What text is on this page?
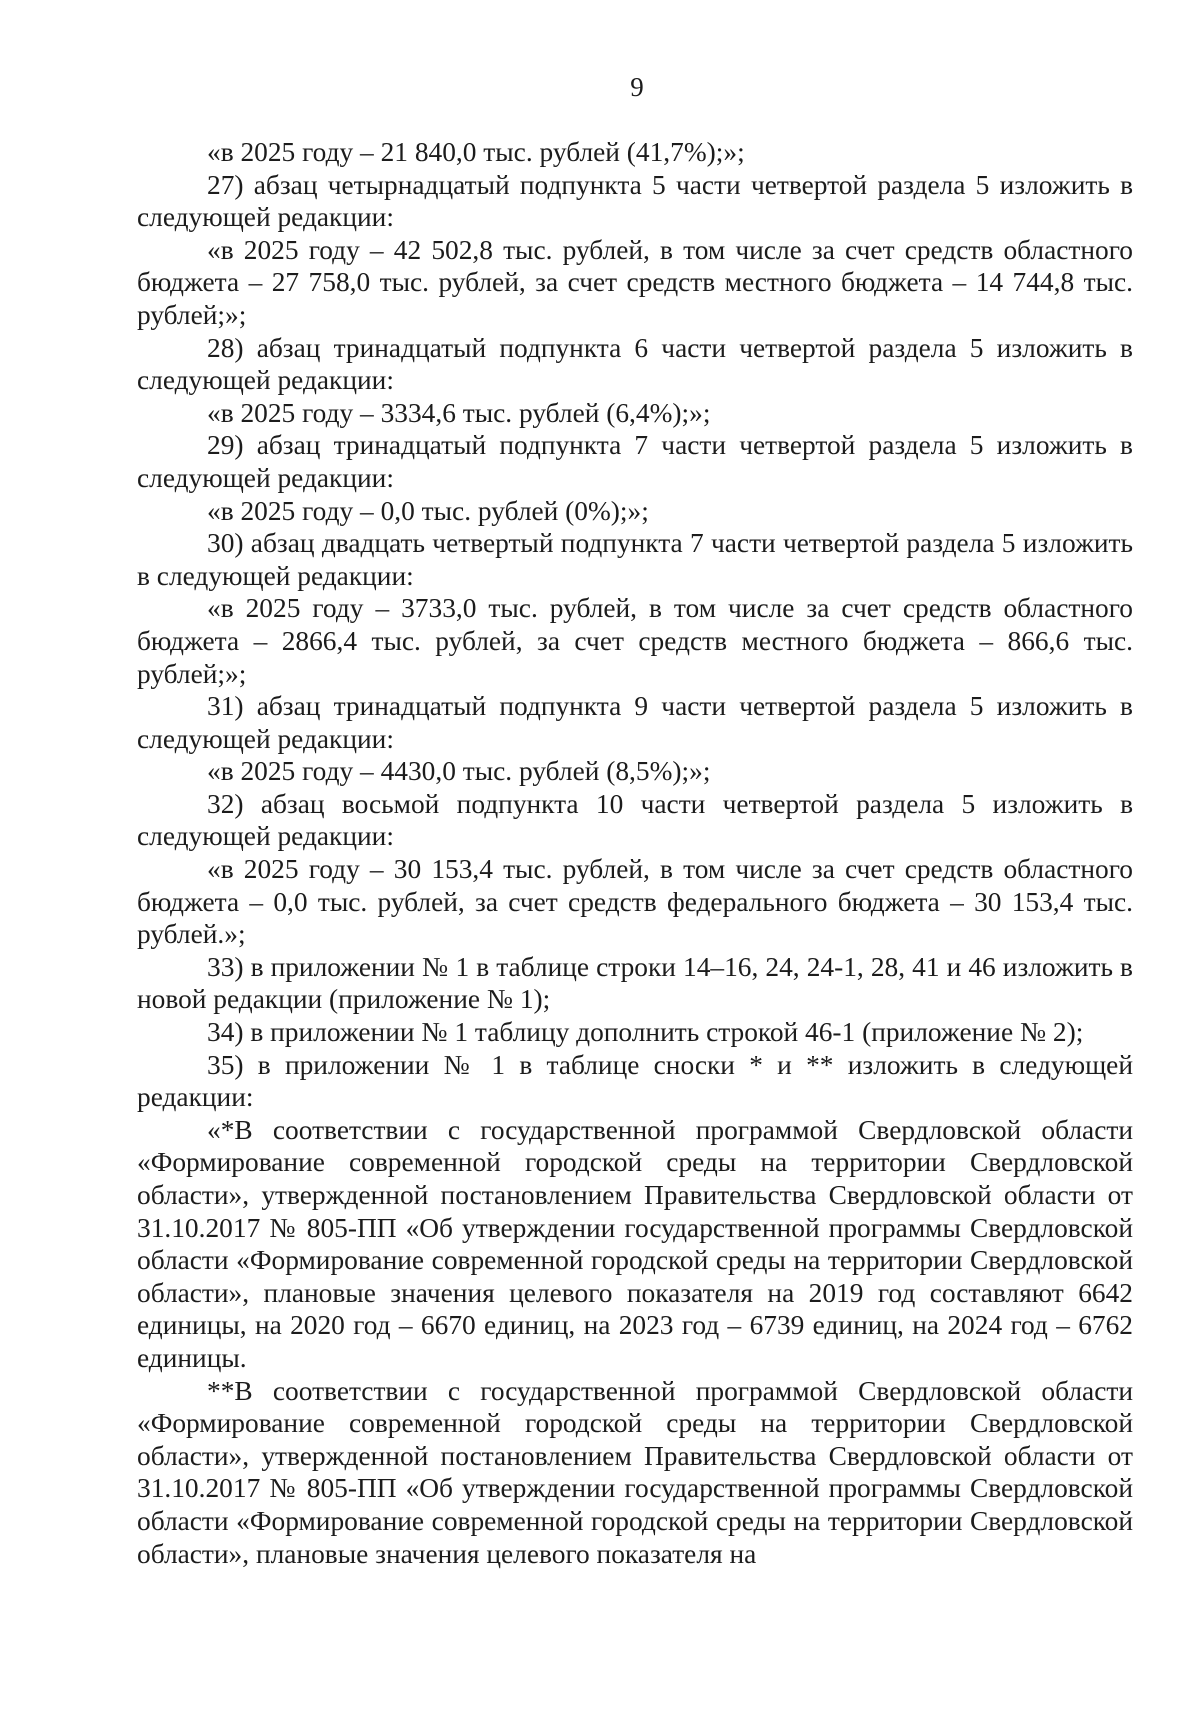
9

«в 2025 году – 21 840,0 тыс. рублей (41,7%);»;

27) абзац четырнадцатый подпункта 5 части четвертой раздела 5 изложить в следующей редакции:

«в 2025 году – 42 502,8 тыс. рублей, в том числе за счет средств областного бюджета – 27 758,0 тыс. рублей, за счет средств местного бюджета – 14 744,8 тыс. рублей;»;

28) абзац тринадцатый подпункта 6 части четвертой раздела 5 изложить в следующей редакции:

«в 2025 году – 3334,6 тыс. рублей (6,4%);»;

29) абзац тринадцатый подпункта 7 части четвертой раздела 5 изложить в следующей редакции:

«в 2025 году – 0,0 тыс. рублей (0%);»;

30) абзац двадцать четвертый подпункта 7 части четвертой раздела 5 изложить в следующей редакции:

«в 2025 году – 3733,0 тыс. рублей, в том числе за счет средств областного бюджета – 2866,4 тыс. рублей, за счет средств местного бюджета – 866,6 тыс. рублей;»;

31) абзац тринадцатый подпункта 9 части четвертой раздела 5 изложить в следующей редакции:

«в 2025 году – 4430,0 тыс. рублей (8,5%);»;

32) абзац восьмой подпункта 10 части четвертой раздела 5 изложить в следующей редакции:

«в 2025 году – 30 153,4 тыс. рублей, в том числе за счет средств областного бюджета – 0,0 тыс. рублей, за счет средств федерального бюджета – 30 153,4 тыс. рублей.»;

33) в приложении № 1 в таблице строки 14–16, 24, 24-1, 28, 41 и 46 изложить в новой редакции (приложение № 1);

34) в приложении № 1 таблицу дополнить строкой 46-1 (приложение № 2);

35) в приложении № 1 в таблице сноски * и ** изложить в следующей редакции:

«*В соответствии с государственной программой Свердловской области «Формирование современной городской среды на территории Свердловской области», утвержденной постановлением Правительства Свердловской области от 31.10.2017 № 805-ПП «Об утверждении государственной программы Свердловской области «Формирование современной городской среды на территории Свердловской области», плановые значения целевого показателя на 2019 год составляют 6642 единицы, на 2020 год – 6670 единиц, на 2023 год – 6739 единиц, на 2024 год – 6762 единицы.

**В соответствии с государственной программой Свердловской области «Формирование современной городской среды на территории Свердловской области», утвержденной постановлением Правительства Свердловской области от 31.10.2017 № 805-ПП «Об утверждении государственной программы Свердловской области «Формирование современной городской среды на территории Свердловской области», плановые значения целевого показателя на
